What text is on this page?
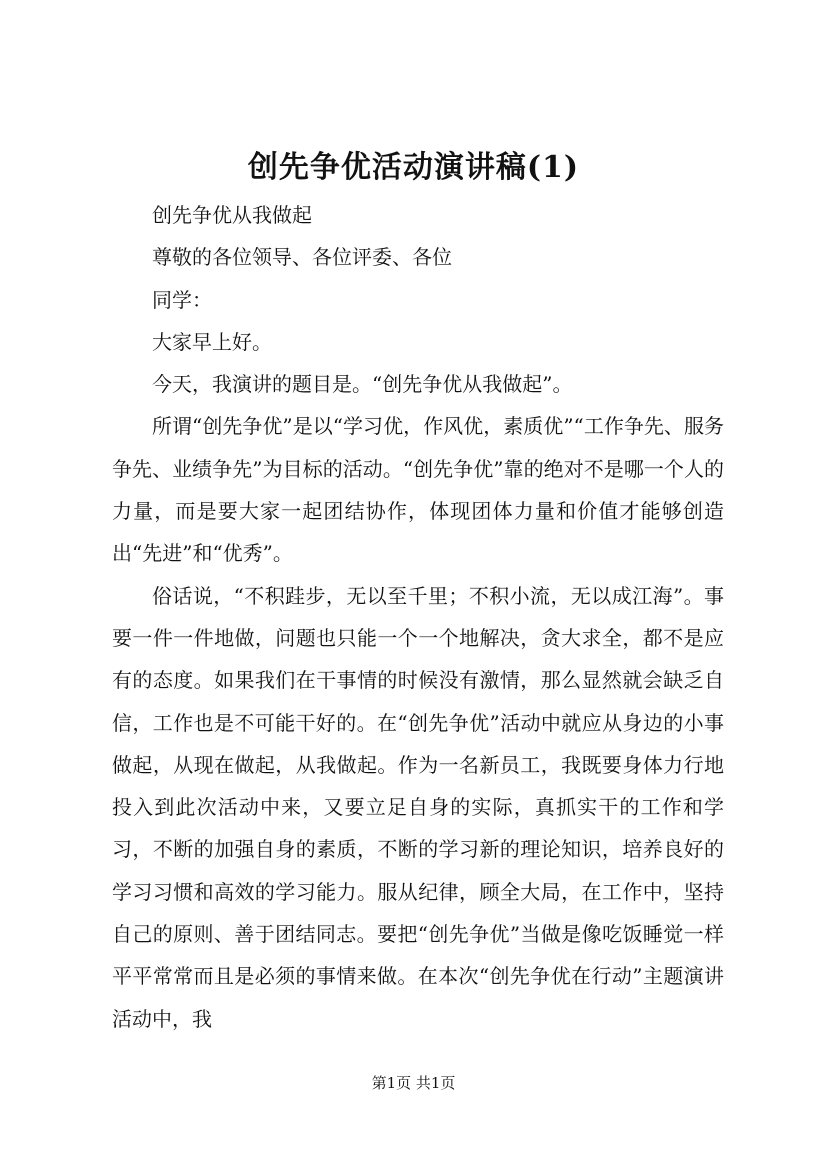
创先争优活动演讲稿(1)

创先争优从我做起

尊敬的各位领导、各位评委、各位

同学：

大家早上好。

今天，我演讲的题目是。“创先争优从我做起”。

所谓“创先争优”是以“学习优，作风优，素质优”“工作争先、服务争先、业绩争先”为目标的活动。“创先争优”靠的绝对不是哪一个人的力量，而是要大家一起团结协作，体现团体力量和价值才能够创造出“先进”和“优秀”。

俗话说，“不积跬步，无以至千里；不积小流，无以成江海”。事要一件一件地做，问题也只能一个一个地解决，贪大求全，都不是应有的态度。如果我们在干事情的时候没有激情，那么显然就会缺乏自信，工作也是不可能干好的。在“创先争优”活动中就应从身边的小事做起，从现在做起，从我做起。作为一名新员工，我既要身体力行地投入到此次活动中来，又要立足自身的实际，真抓实干的工作和学习，不断的加强自身的素质，不断的学习新的理论知识，培养良好的学习习惯和高效的学习能力。服从纪律，顾全大局，在工作中，坚持自己的原则、善于团结同志。要把“创先争优”当做是像吃饭睡觉一样平平常常而且是必须的事情来做。在本次“创先争优在行动”主题演讲活动中，我

第1页 共1页
